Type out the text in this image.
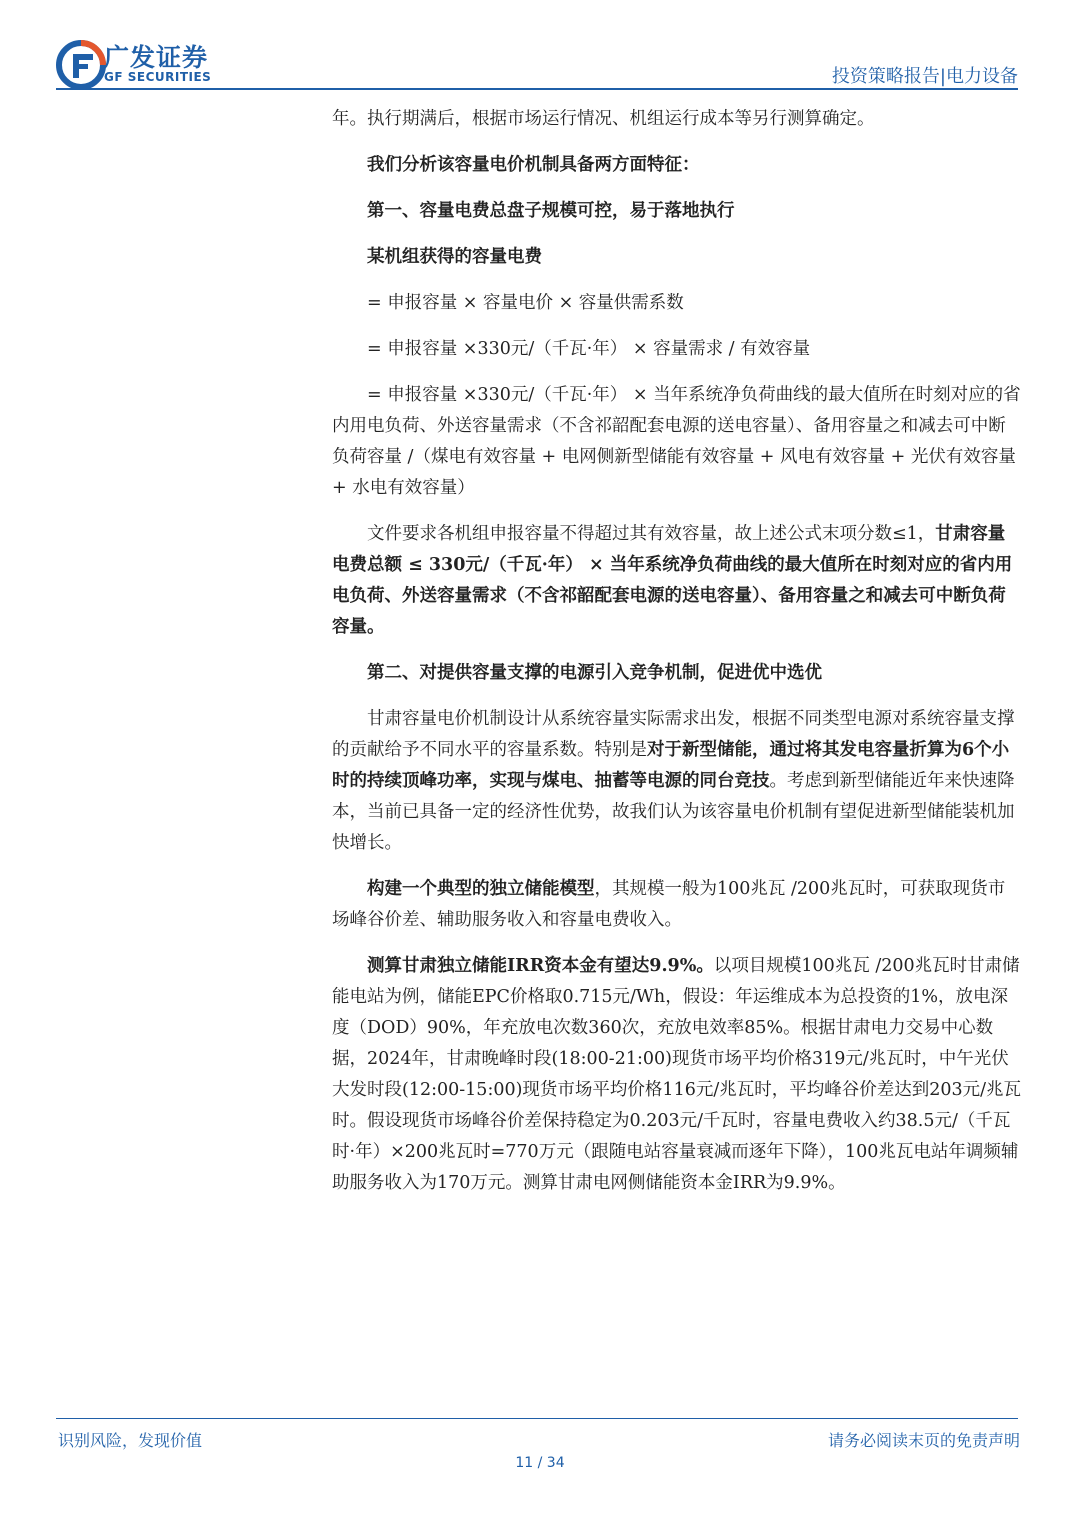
广发证券
GF SECURITIES	投资策略报告|电力设备

年。执行期满后，根据市场运行情况、机组运行成本等另行测算确定。

我们分析该容量电价机制具备两方面特征：

第一、容量电费总盘子规模可控，易于落地执行

某机组获得的容量电费

= 申报容量 × 容量电价 × 容量供需系数

= 申报容量 ×330元/（千瓦·年） × 容量需求 / 有效容量

= 申报容量 ×330元/（千瓦·年） × 当年系统净负荷曲线的最大值所在时刻对应的省内用电负荷、外送容量需求（不含祁韶配套电源的送电容量）、备用容量之和减去可中断负荷容量 /（煤电有效容量 + 电网侧新型储能有效容量 + 风电有效容量 + 光伏有效容量 + 水电有效容量）

文件要求各机组申报容量不得超过其有效容量，故上述公式末项分数≤1，甘肃容量电费总额 ≤ 330元/（千瓦·年） × 当年系统净负荷曲线的最大值所在时刻对应的省内用电负荷、外送容量需求（不含祁韶配套电源的送电容量）、备用容量之和减去可中断负荷容量。

第二、对提供容量支撑的电源引入竞争机制，促进优中选优

甘肃容量电价机制设计从系统容量实际需求出发，根据不同类型电源对系统容量支撑的贡献给予不同水平的容量系数。特别是对于新型储能，通过将其发电容量折算为6个小时的持续顶峰功率，实现与煤电、抽蓄等电源的同台竞技。考虑到新型储能近年来快速降本，当前已具备一定的经济性优势，故我们认为该容量电价机制有望促进新型储能装机加快增长。

构建一个典型的独立储能模型，其规模一般为100兆瓦 /200兆瓦时，可获取现货市场峰谷价差、辅助服务收入和容量电费收入。

测算甘肃独立储能IRR资本金有望达9.9%。以项目规模100兆瓦 /200兆瓦时甘肃储能电站为例，储能EPC价格取0.715元/Wh，假设：年运维成本为总投资的1%，放电深度（DOD）90%，年充放电次数360次，充放电效率85%。根据甘肃电力交易中心数据，2024年，甘肃晚峰时段(18:00-21:00)现货市场平均价格319元/兆瓦时，中午光伏大发时段(12:00-15:00)现货市场平均价格116元/兆瓦时，平均峰谷价差达到203元/兆瓦时。假设现货市场峰谷价差保持稳定为0.203元/千瓦时，容量电费收入约38.5元/（千瓦时·年）×200兆瓦时=770万元（跟随电站容量衰减而逐年下降），100兆瓦电站年调频辅助服务收入为170万元。测算甘肃电网侧储能资本金IRR为9.9%。

识别风险，发现价值	请务必阅读末页的免责声明
11 / 34
